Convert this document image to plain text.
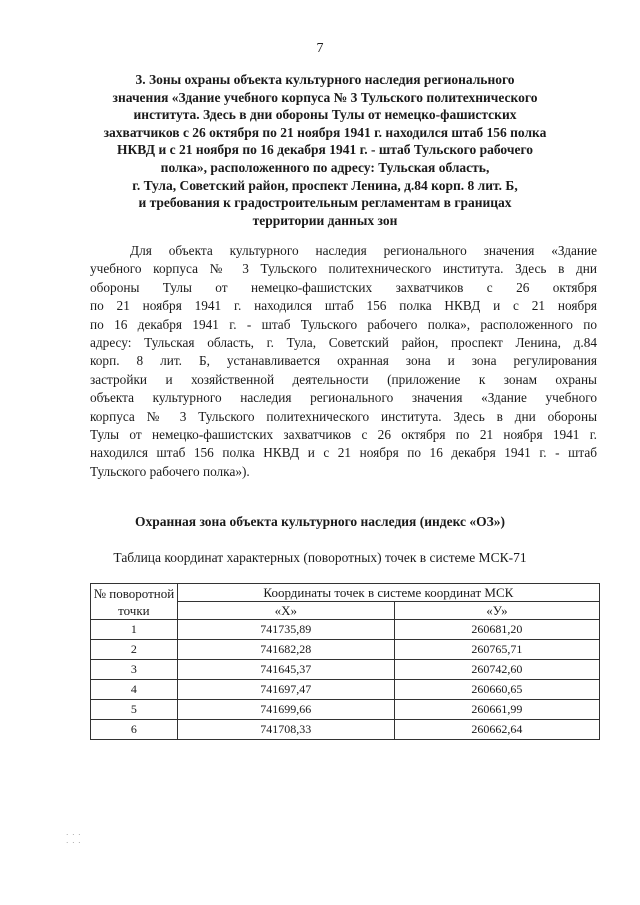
7
3. Зоны охраны объекта культурного наследия регионального
значения «Здание учебного корпуса № 3 Тульского политехнического
института. Здесь в дни обороны Тулы от немецко-фашистских
захватчиков с 26 октября по 21 ноября 1941 г. находился штаб 156 полка
НКВД и с 21 ноября по 16 декабря 1941 г. - штаб Тульского рабочего
полка», расположенного по адресу: Тульская область,
г. Тула, Советский район, проспект Ленина, д.84 корп. 8 лит. Б,
и требования к градостроительным регламентам в границах
территории данных зон
Для объекта культурного наследия регионального значения «Здание
учебного корпуса № 3 Тульского политехнического института. Здесь в дни
обороны Тулы от немецко-фашистских захватчиков с 26 октября
по 21 ноября 1941 г. находился штаб 156 полка НКВД и с 21 ноября
по 16 декабря 1941 г. - штаб Тульского рабочего полка», расположенного по
адресу: Тульская область, г. Тула, Советский район, проспект Ленина, д.84
корп. 8 лит. Б, устанавливается охранная зона и зона регулирования
застройки и хозяйственной деятельности (приложение к зонам охраны
объекта культурного наследия регионального значения «Здание учебного
корпуса № 3 Тульского политехнического института. Здесь в дни обороны
Тулы от немецко-фашистских захватчиков с 26 октября по 21 ноября 1941 г.
находился штаб 156 полка НКВД и с 21 ноября по 16 декабря 1941 г. - штаб
Тульского рабочего полка»).
Охранная зона объекта культурного наследия (индекс «ОЗ»)
Таблица координат характерных (поворотных) точек в системе МСК-71
№ поворотной точки	Координаты точек в системе координат МСК	
	«Х»	«У»
1	741735,89	260681,20
2	741682,28	260765,71
3	741645,37	260742,60
4	741697,47	260660,65
5	741699,66	260661,99
6	741708,33	260662,64
· · ·
· · ·
